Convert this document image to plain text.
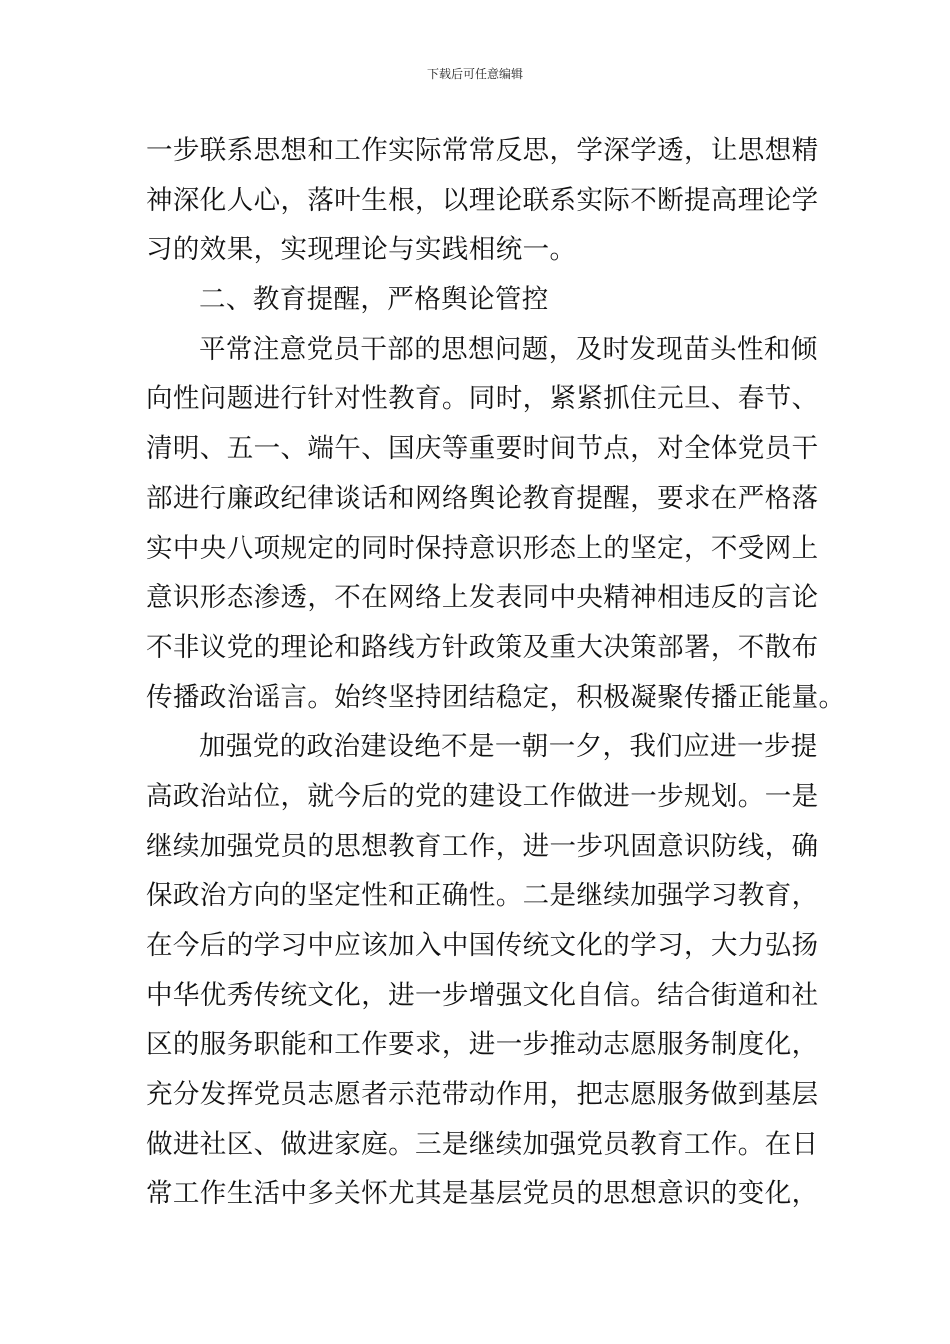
下载后可任意编辑
一步联系思想和工作实际常常反思，学深学透，让思想精
神深化人心，落叶生根，以理论联系实际不断提高理论学
习的效果，实现理论与实践相统一。
二、教育提醒，严格舆论管控
平常注意党员干部的思想问题，及时发现苗头性和倾
向性问题进行针对性教育。同时，紧紧抓住元旦、春节、
清明、五一、端午、国庆等重要时间节点，对全体党员干
部进行廉政纪律谈话和网络舆论教育提醒，要求在严格落
实中央八项规定的同时保持意识形态上的坚定，不受网上
意识形态渗透，不在网络上发表同中央精神相违反的言论
不非议党的理论和路线方针政策及重大决策部署，不散布
传播政治谣言。始终坚持团结稳定，积极凝聚传播正能量。
加强党的政治建设绝不是一朝一夕，我们应进一步提
高政治站位，就今后的党的建设工作做进一步规划。一是
继续加强党员的思想教育工作，进一步巩固意识防线，确
保政治方向的坚定性和正确性。二是继续加强学习教育，
在今后的学习中应该加入中国传统文化的学习，大力弘扬
中华优秀传统文化，进一步增强文化自信。结合街道和社
区的服务职能和工作要求，进一步推动志愿服务制度化，
充分发挥党员志愿者示范带动作用，把志愿服务做到基层
做进社区、做进家庭。三是继续加强党员教育工作。在日
常工作生活中多关怀尤其是基层党员的思想意识的变化，
